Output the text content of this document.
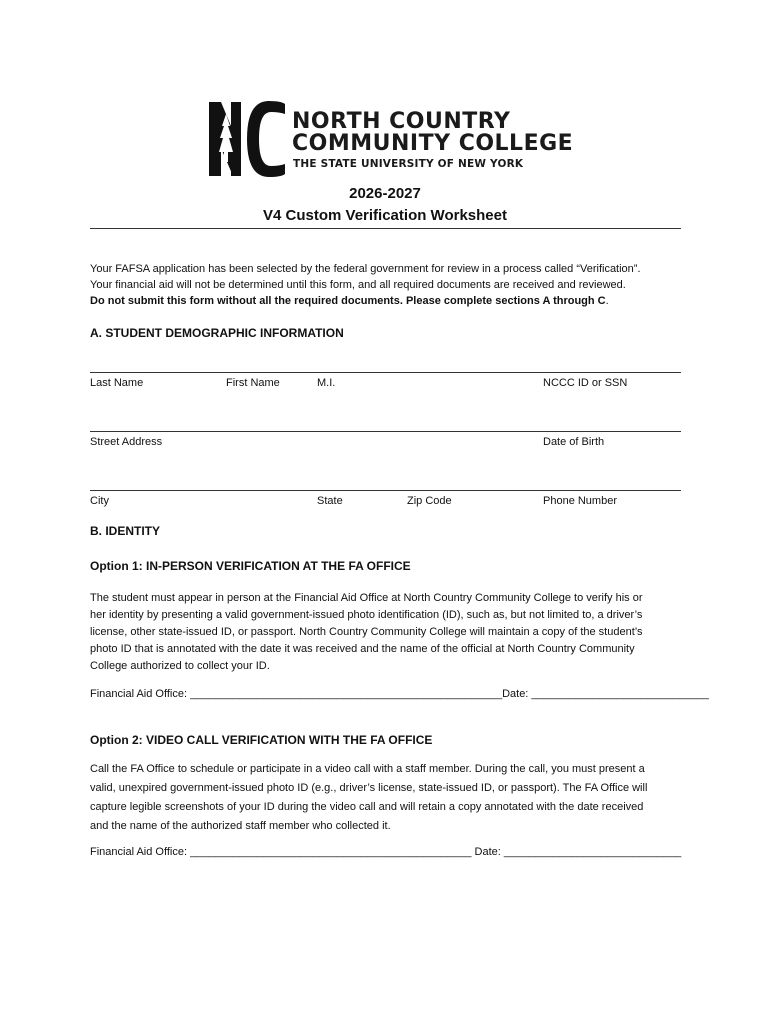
NORTH COUNTRY
COMMUNITY COLLEGE
THE STATE UNIVERSITY OF NEW YORK
2026-2027
V4 Custom Verification Worksheet

Your FAFSA application has been selected by the federal government for review in a process called “Verification”.

Your financial aid will not be determined until this form, and all required documents are received and reviewed.

Do not submit this form without all the required documents. Please complete sections A through C.

A. STUDENT DEMOGRAPHIC INFORMATION
Last Name	First Name	M.I.	NCCC ID or SSN
Street Address	Date of Birth
City	State	Zip Code	Phone Number
B. IDENTITY
Option 1: IN-PERSON VERIFICATION AT THE FA OFFICE
The student must appear in person at the Financial Aid Office at North Country Community College to verify his or
her identity by presenting a valid government-issued photo identification (ID), such as, but not limited to, a driver’s
license, other state-issued ID, or passport. North Country Community College will maintain a copy of the student’s
photo ID that is annotated with the date it was received and the name of the official at North Country Community
College authorized to collect your ID.
Financial Aid Office: ___________________________________________________Date: _____________________________
Option 2: VIDEO CALL VERIFICATION WITH THE FA OFFICE
Call the FA Office to schedule or participate in a video call with a staff member. During the call, you must present a
valid, unexpired government-issued photo ID (e.g., driver’s license, state-issued ID, or passport). The FA Office will
capture legible screenshots of your ID during the video call and will retain a copy annotated with the date received
and the name of the authorized staff member who collected it.
Financial Aid Office: ______________________________________________ Date: _____________________________
